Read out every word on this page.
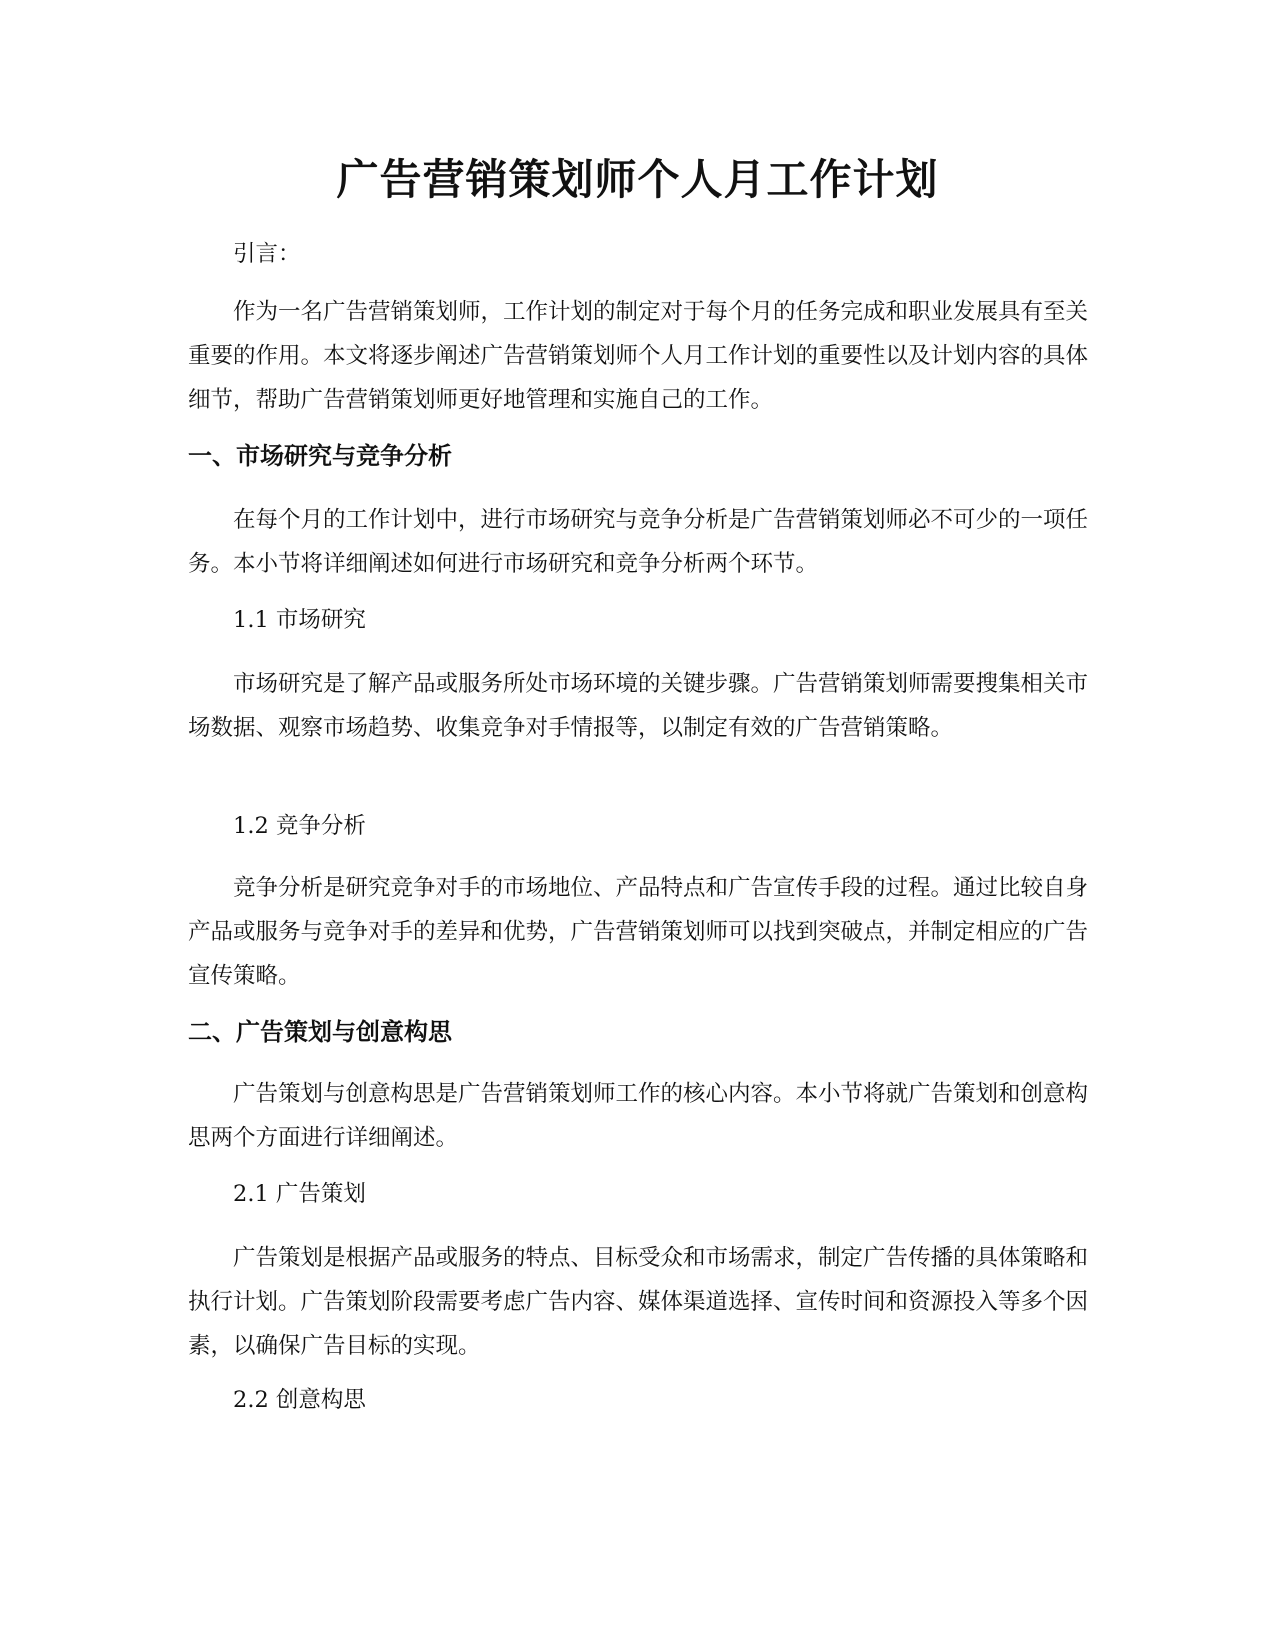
广告营销策划师个人月工作计划

引言：

作为一名广告营销策划师，工作计划的制定对于每个月的任务完成和职业发展具有至关重要的作用。本文将逐步阐述广告营销策划师个人月工作计划的重要性以及计划内容的具体细节，帮助广告营销策划师更好地管理和实施自己的工作。

一、市场研究与竞争分析

在每个月的工作计划中，进行市场研究与竞争分析是广告营销策划师必不可少的一项任务。本小节将详细阐述如何进行市场研究和竞争分析两个环节。

1.1 市场研究

市场研究是了解产品或服务所处市场环境的关键步骤。广告营销策划师需要搜集相关市场数据、观察市场趋势、收集竞争对手情报等，以制定有效的广告营销策略。

1.2 竞争分析

竞争分析是研究竞争对手的市场地位、产品特点和广告宣传手段的过程。通过比较自身产品或服务与竞争对手的差异和优势，广告营销策划师可以找到突破点，并制定相应的广告宣传策略。

二、广告策划与创意构思

广告策划与创意构思是广告营销策划师工作的核心内容。本小节将就广告策划和创意构思两个方面进行详细阐述。

2.1 广告策划

广告策划是根据产品或服务的特点、目标受众和市场需求，制定广告传播的具体策略和执行计划。广告策划阶段需要考虑广告内容、媒体渠道选择、宣传时间和资源投入等多个因素，以确保广告目标的实现。

2.2 创意构思
